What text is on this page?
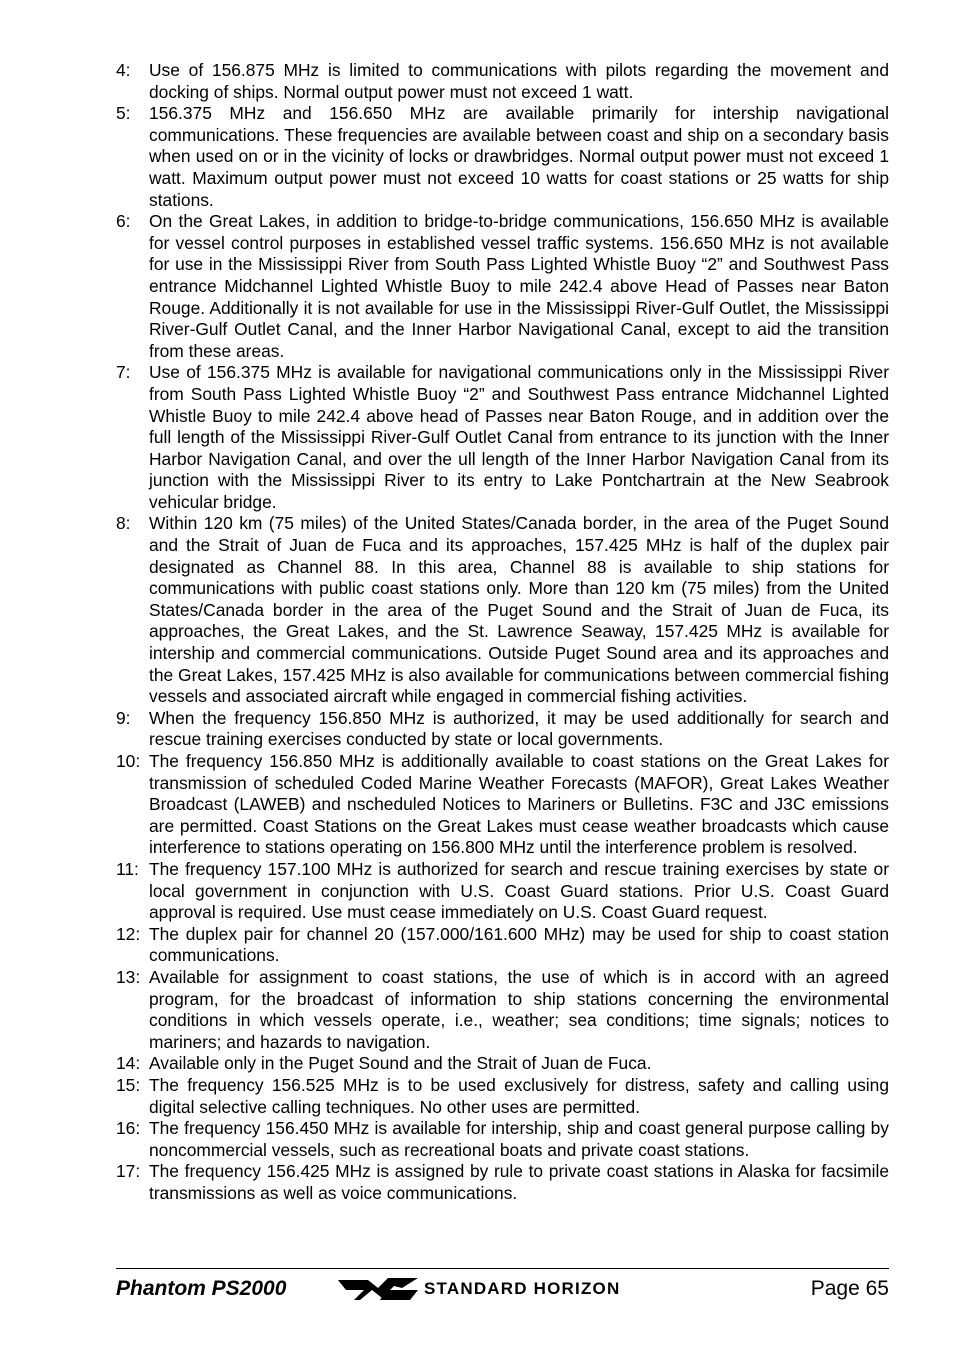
4:	Use of 156.875 MHz is limited to communications with pilots regarding the movement and docking of ships. Normal output power must not exceed 1 watt.
5:	156.375 MHz and 156.650 MHz are available primarily for intership navigational communications. These frequencies are available between coast and ship on a secondary basis when used on or in the vicinity of locks or drawbridges. Normal output power must not exceed 1 watt. Maximum output power must not exceed 10 watts for coast stations or 25 watts for ship stations.
6:	On the Great Lakes, in addition to bridge-to-bridge communications, 156.650 MHz is available for vessel control purposes in established vessel traffic systems. 156.650 MHz is not available for use in the Mississippi River from South Pass Lighted Whistle Buoy “2” and Southwest Pass entrance Midchannel Lighted Whistle Buoy to mile 242.4 above Head of Passes near Baton Rouge. Additionally it is not available for use in the Mississippi River-Gulf Outlet, the Mississippi River-Gulf Outlet Canal, and the Inner Harbor Navigational Canal, except to aid the transition from these areas.
7:	Use of 156.375 MHz is available for navigational communications only in the Mississippi River from South Pass Lighted Whistle Buoy “2” and Southwest Pass entrance Midchannel Lighted Whistle Buoy to mile 242.4 above head of Passes near Baton Rouge, and in addition over the full length of the Mississippi River-Gulf Outlet Canal from entrance to its junction with the Inner Harbor Navigation Canal, and over the ull length of the Inner Harbor Navigation Canal from its junction with the Mississippi River to its entry to Lake Pontchartrain at the New Seabrook vehicular bridge.
8:	Within 120 km (75 miles) of the United States/Canada border, in the area of the Puget Sound and the Strait of Juan de Fuca and its approaches, 157.425 MHz is half of the duplex pair designated as Channel 88. In this area, Channel 88 is available to ship stations for communications with public coast stations only. More than 120 km (75 miles) from the United States/Canada border in the area of the Puget Sound and the Strait of Juan de Fuca, its approaches, the Great Lakes, and the St. Lawrence Seaway, 157.425 MHz is available for intership and commercial communications. Outside Puget Sound area and its approaches and the Great Lakes, 157.425 MHz is also available for communications between commercial fishing vessels and associated aircraft while engaged in commercial fishing activities.
9:	When the frequency 156.850 MHz is authorized, it may be used additionally for search and rescue training exercises conducted by state or local governments.
10: The frequency 156.850 MHz is additionally available to coast stations on the Great Lakes for transmission of scheduled Coded Marine Weather Forecasts (MAFOR), Great Lakes Weather Broadcast (LAWEB) and nscheduled Notices to Mariners or Bulletins. F3C and J3C emissions are permitted. Coast Stations on the Great Lakes must cease weather broadcasts which cause interference to stations operating on 156.800 MHz until the interference problem is resolved.
11: The frequency 157.100 MHz is authorized for search and rescue training exercises by state or local government in conjunction with U.S. Coast Guard stations. Prior U.S. Coast Guard approval is required. Use must cease immediately on U.S. Coast Guard request.
12: The duplex pair for channel 20 (157.000/161.600 MHz) may be used for ship to coast station communications.
13: Available for assignment to coast stations, the use of which is in accord with an agreed program, for the broadcast of information to ship stations concerning the environmental conditions in which vessels operate, i.e., weather; sea conditions; time signals; notices to mariners; and hazards to navigation.
14: Available only in the Puget Sound and the Strait of Juan de Fuca.
15: The frequency 156.525 MHz is to be used exclusively for distress, safety and calling using digital selective calling techniques. No other uses are permitted.
16: The frequency 156.450 MHz is available for intership, ship and coast general purpose calling by noncommercial vessels, such as recreational boats and private coast stations.
17: The frequency 156.425 MHz is assigned by rule to private coast stations in Alaska for facsimile transmissions as well as voice communications.
Phantom PS2000	STANDARD HORIZON	Page 65
